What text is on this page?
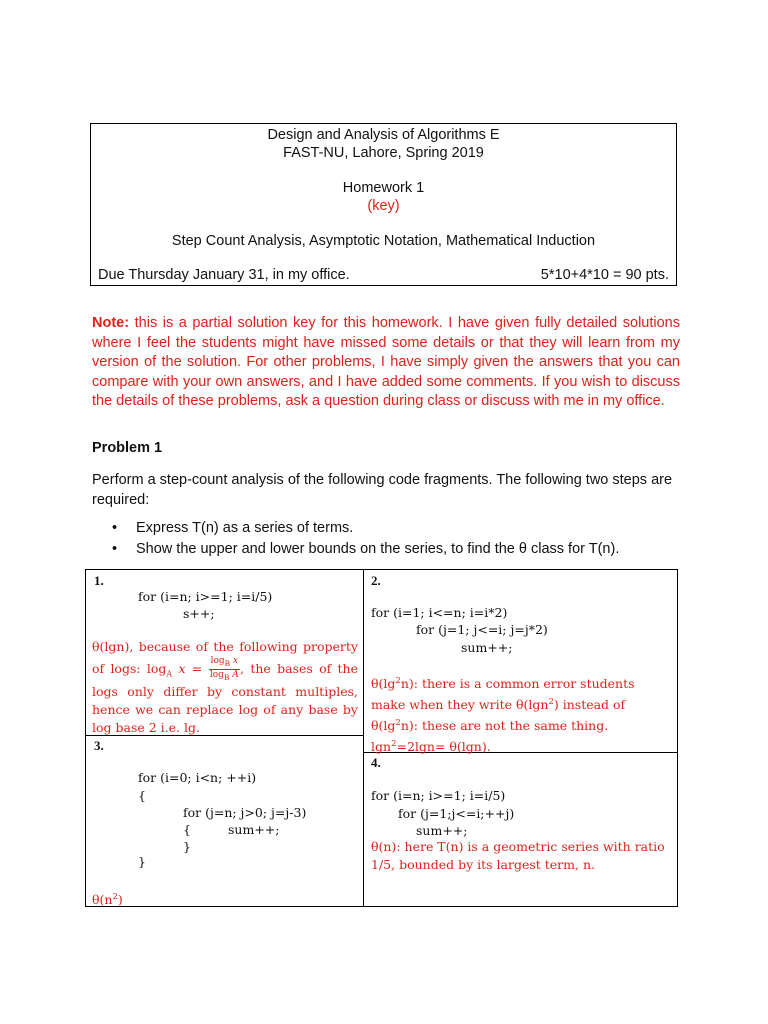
Design and Analysis of Algorithms E
FAST-NU, Lahore, Spring 2019
Homework 1
(key)
Step Count Analysis, Asymptotic Notation, Mathematical Induction
Due Thursday January 31, in my office.	5*10+4*10 = 90 pts.
Note: this is a partial solution key for this homework. I have given fully detailed solutions where I feel the students might have missed some details or that they will learn from my version of the solution. For other problems, I have simply given the answers that you can compare with your own answers, and I have added some comments. If you wish to discuss the details of these problems, ask a question during class or discuss with me in my office.
Problem 1
Perform a step-count analysis of the following code fragments. The following two steps are required:
• Express T(n) as a series of terms.
• Show the upper and lower bounds on the series, to find the θ class for T(n).
1.
for (i=n; i>=1; i=i/5)
s++;
θ(lgn), because of the following property of logs: $\log_A x = \frac{\log_B x}{\log_B A}$ , the bases of the logs only differ by constant multiples, hence we can replace log of any base by log base 2 i.e. lg.
2.
for (i=1; i<=n; i=i*2)
for (j=1; j<=i; j=j*2)
sum++;
$\theta(\lg^2n)$: there is a common error students make when they write θ(lgn$^2$) instead of $\theta(\lg^2n)$: these are not the same thing.
lgn$^2$=2lgn= θ(lgn).
3.
for (i=0; i<n; ++i)
{
for (j=n; j>0; j=j-3)
{	sum++;
}
}
$\theta(n^2)$
4.
for (i=n; i>=1; i=i/5)
for (j=1;j<=i;++j)
sum++;
θ(n): here T(n) is a geometric series with ratio 1/5, bounded by its largest term, n.
